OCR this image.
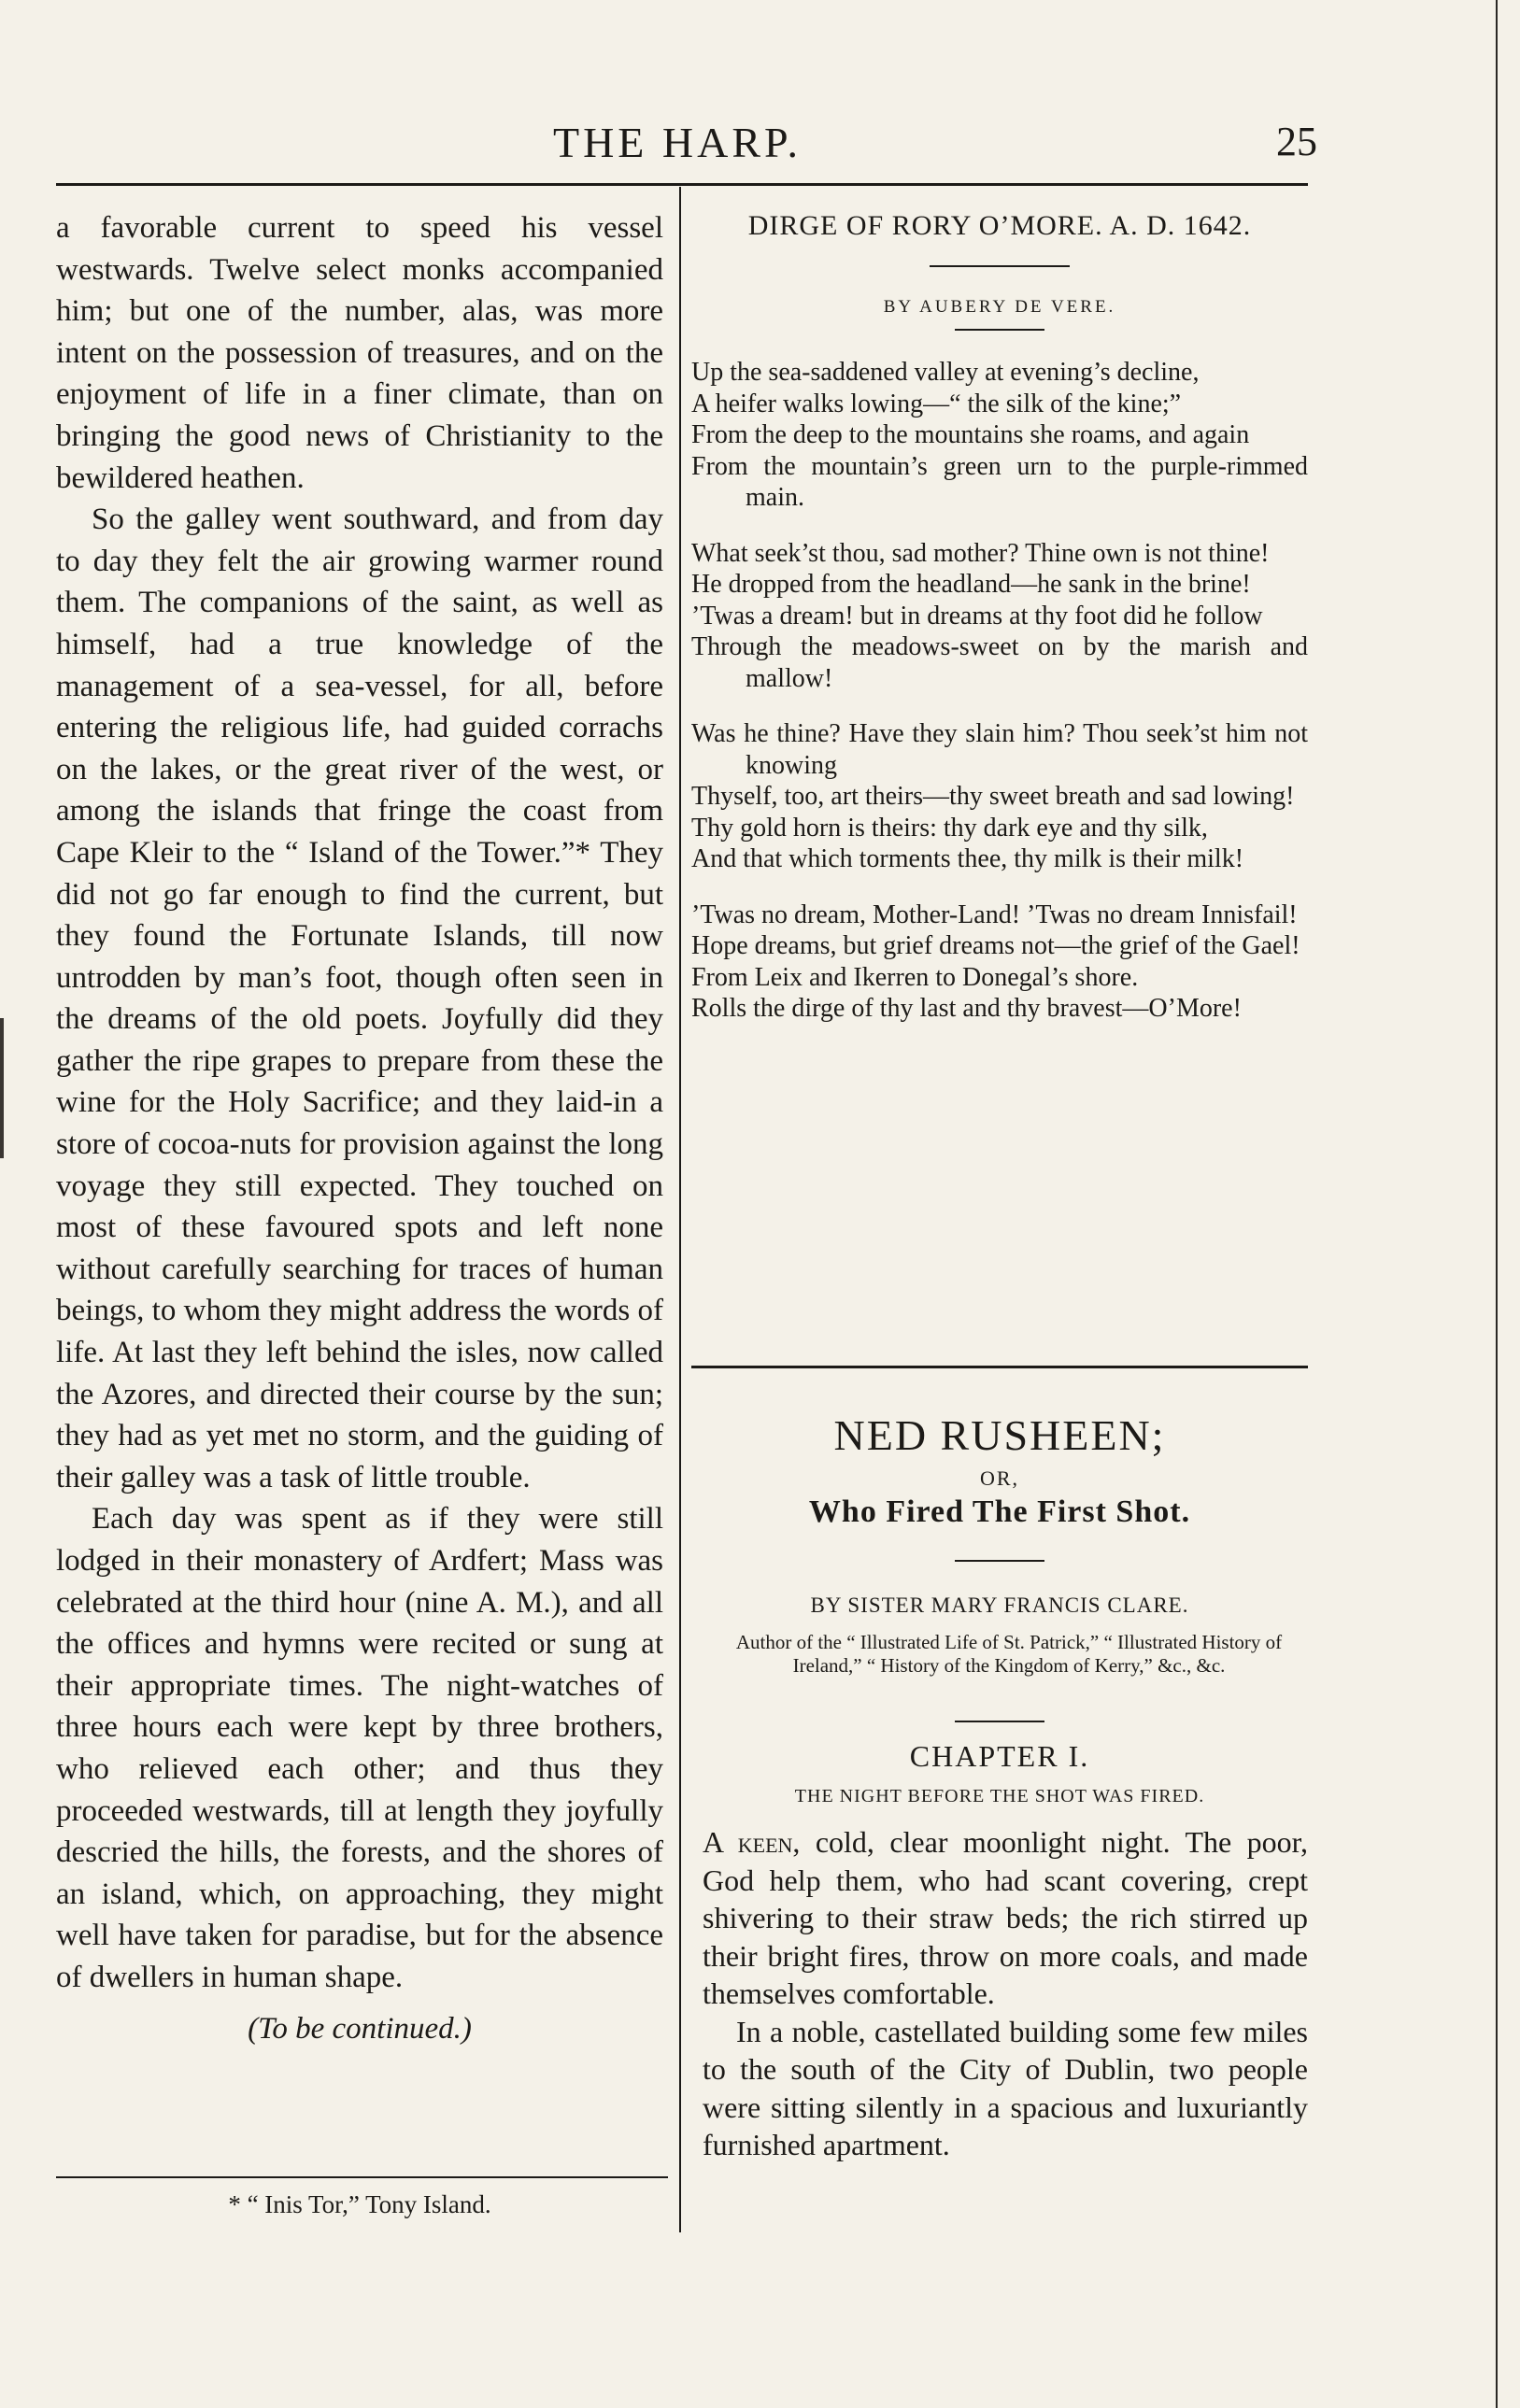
THE HARP.	25

a favorable current to speed his vessel westwards. Twelve select monks accompanied him; but one of the number, alas, was more intent on the possession of treasures, and on the enjoyment of life in a finer climate, than on bringing the good news of Christianity to the bewildered heathen.

So the galley went southward, and from day to day they felt the air growing warmer round them. The companions of the saint, as well as himself, had a true knowledge of the management of a sea-vessel, for all, before entering the religious life, had guided corrachs on the lakes, or the great river of the west, or among the islands that fringe the coast from Cape Kleir to the “ Island of the Tower.”* They did not go far enough to find the current, but they found the Fortunate Islands, till now untrodden by man’s foot, though often seen in the dreams of the old poets. Joyfully did they gather the ripe grapes to prepare from these the wine for the Holy Sacrifice; and they laid-in a store of cocoa-nuts for provision against the long voyage they still expected. They touched on most of these favoured spots and left none without carefully searching for traces of human beings, to whom they might address the words of life. At last they left behind the isles, now called the Azores, and directed their course by the sun; they had as yet met no storm, and the guiding of their galley was a task of little trouble.

Each day was spent as if they were still lodged in their monastery of Ardfert; Mass was celebrated at the third hour (nine A. M.), and all the offices and hymns were recited or sung at their appropriate times. The night-watches of three hours each were kept by three brothers, who relieved each other; and thus they proceeded westwards, till at length they joyfully descried the hills, the forests, and the shores of an island, which, on approaching, they might well have taken for paradise, but for the absence of dwellers in human shape.

(To be continued.)
* “ Inis Tor,” Tony Island.
DIRGE OF RORY O’MORE. A. D. 1642.
BY AUBERY DE VERE.
Up the sea-saddened valley at evening’s decline,
A heifer walks lowing—“ the silk of the kine;”
From the deep to the mountains she roams, and again
From the mountain’s green urn to the purple-rimmed main.
What seek’st thou, sad mother? Thine own is not thine!
He dropped from the headland—he sank in the brine!
’Twas a dream! but in dreams at thy foot did he follow
Through the meadows-sweet on by the marish and mallow!
Was he thine? Have they slain him? Thou seek’st him not knowing
Thyself, too, art theirs—thy sweet breath and sad lowing!
Thy gold horn is theirs: thy dark eye and thy silk,
And that which torments thee, thy milk is their milk!
’Twas no dream, Mother-Land! ’Twas no dream Innisfail!
Hope dreams, but grief dreams not—the grief of the Gael!
From Leix and Ikerren to Donegal’s shore.
Rolls the dirge of thy last and thy bravest—O’More!
NED RUSHEEN;
OR,
Who Fired The First Shot.
BY SISTER MARY FRANCIS CLARE.
Author of the “ Illustrated Life of St. Patrick,” “ Illustrated History of Ireland,” “ History of the Kingdom of Kerry,” &c., &c.
CHAPTER I.
THE NIGHT BEFORE THE SHOT WAS FIRED.

A keen, cold, clear moonlight night. The poor, God help them, who had scant covering, crept shivering to their straw beds; the rich stirred up their bright fires, throw on more coals, and made themselves comfortable.

In a noble, castellated building some few miles to the south of the City of Dublin, two people were sitting silently in a spacious and luxuriantly furnished apartment.
